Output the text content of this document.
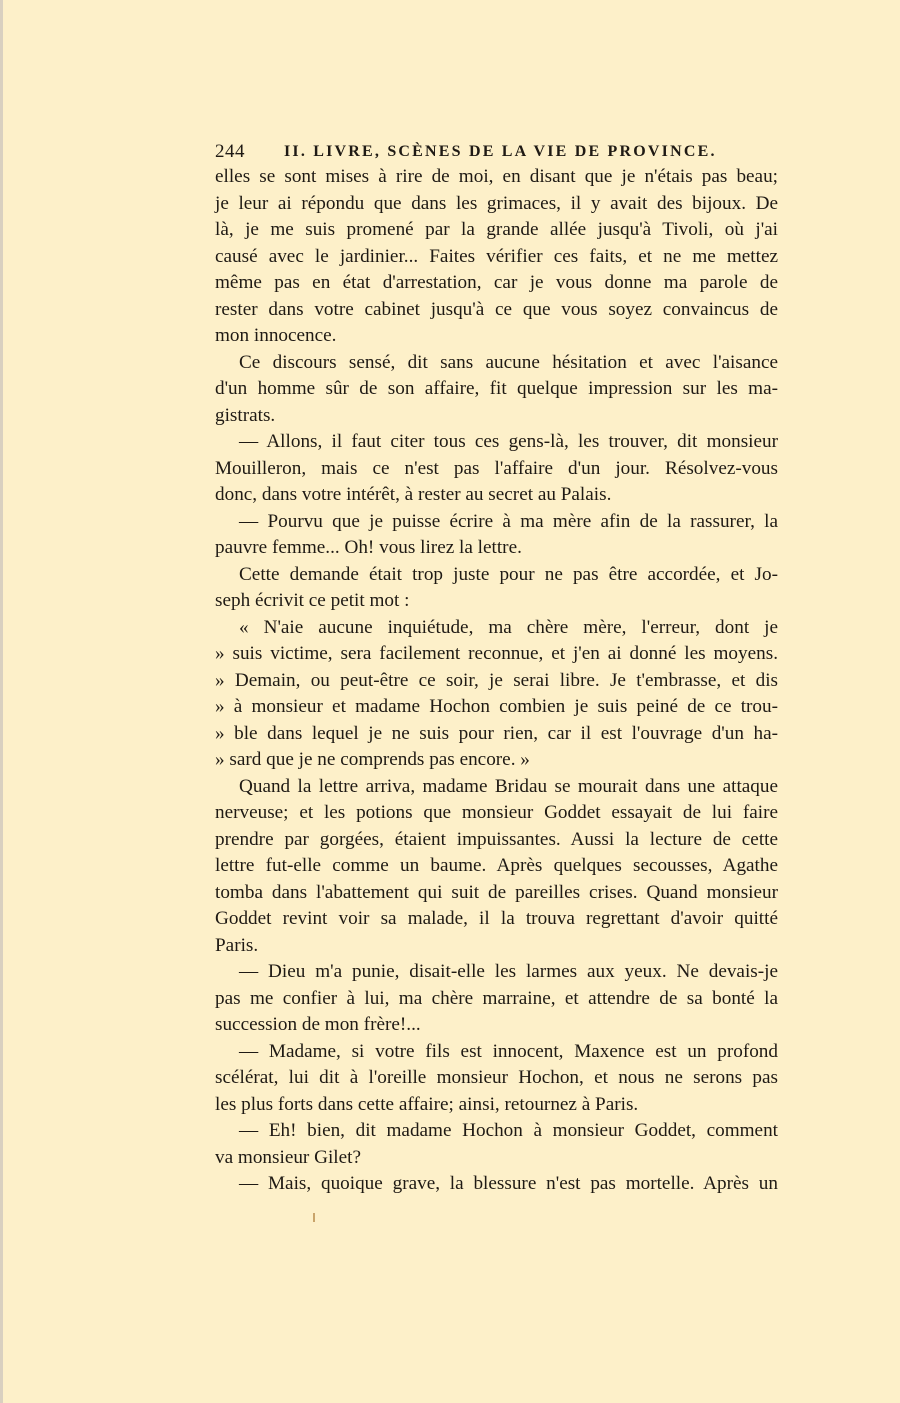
244 II. LIVRE, SCÈNES DE LA VIE DE PROVINCE.
elles se sont mises à rire de moi, en disant que je n'étais pas beau;
je leur ai répondu que dans les grimaces, il y avait des bijoux. De
là, je me suis promené par la grande allée jusqu'à Tivoli, où j'ai
causé avec le jardinier... Faites vérifier ces faits, et ne me mettez
même pas en état d'arrestation, car je vous donne ma parole de
rester dans votre cabinet jusqu'à ce que vous soyez convaincus de
mon innocence.
Ce discours sensé, dit sans aucune hésitation et avec l'aisance
d'un homme sûr de son affaire, fit quelque impression sur les ma-
gistrats.
— Allons, il faut citer tous ces gens-là, les trouver, dit monsieur
Mouilleron, mais ce n'est pas l'affaire d'un jour. Résolvez-vous
donc, dans votre intérêt, à rester au secret au Palais.
— Pourvu que je puisse écrire à ma mère afin de la rassurer, la
pauvre femme... Oh! vous lirez la lettre.
Cette demande était trop juste pour ne pas être accordée, et Jo-
seph écrivit ce petit mot :
« N'aie aucune inquiétude, ma chère mère, l'erreur, dont je
» suis victime, sera facilement reconnue, et j'en ai donné les moyens.
» Demain, ou peut-être ce soir, je serai libre. Je t'embrasse, et dis
» à monsieur et madame Hochon combien je suis peiné de ce trou-
» ble dans lequel je ne suis pour rien, car il est l'ouvrage d'un ha-
» sard que je ne comprends pas encore. »
Quand la lettre arriva, madame Bridau se mourait dans une attaque
nerveuse; et les potions que monsieur Goddet essayait de lui faire
prendre par gorgées, étaient impuissantes. Aussi la lecture de cette
lettre fut-elle comme un baume. Après quelques secousses, Agathe
tomba dans l'abattement qui suit de pareilles crises. Quand monsieur
Goddet revint voir sa malade, il la trouva regrettant d'avoir quitté
Paris.
— Dieu m'a punie, disait-elle les larmes aux yeux. Ne devais-je
pas me confier à lui, ma chère marraine, et attendre de sa bonté la
succession de mon frère!...
— Madame, si votre fils est innocent, Maxence est un profond
scélérat, lui dit à l'oreille monsieur Hochon, et nous ne serons pas
les plus forts dans cette affaire; ainsi, retournez à Paris.
— Eh! bien, dit madame Hochon à monsieur Goddet, comment
va monsieur Gilet?
— Mais, quoique grave, la blessure n'est pas mortelle. Après un
